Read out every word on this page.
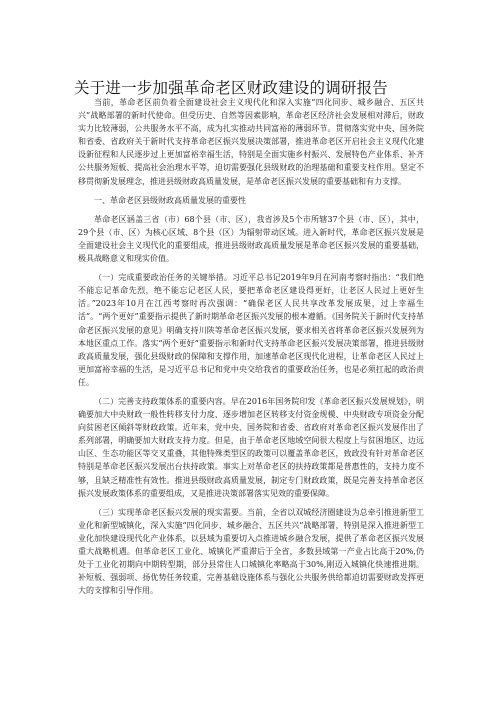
关于进一步加强革命老区财政建设的调研报告

当前，革命老区前负着全面建设社会主义现代化和深入实施“四化同步、城乡融合、五区共兴”战略部署的新时代使命。但受历史、自然等因素影响，革命老区经济社会发展相对滞后，财政实力比较薄弱，公共服务水平不高，成为扎实推动共同富裕的薄弱环节。贯彻落实党中央、国务院和省委、省政府关于新时代支持革命老区振兴发展决策部署，推进革命老区开启社会主义现代化建设新征程和人民逐步过上更加富裕幸福生活，特别是全面实施乡村振兴、发展特色产业体系、补齐公共服务短板、提高社会治理水平等，迫切需要强化县级财政的治理基础和重要支柱作用。坚定不移贯彻新发展理念，推进县级财政高质量发展，是革命老区振兴发展的重要基础和有力支撑。

一、革命老区县级财政高质量发展的重要性

革命老区涵盖三省（市）68个县（市、区），我省涉及5个市所辖37个县（市、区），其中，29个县（市、区）为核心区域、8个县（区）为辐射带动区域。进入新时代，革命老区振兴发展是全面建设社会主义现代化的重要组成，推进县级财政高质量发展是革命老区振兴发展的重要基础，极具战略意义和现实价值。

（一）完成重要政治任务的关键举措。习近平总书记2019年9月在河南考察时指出：“我们绝不能忘记革命先烈，绝不能忘记老区人民，要把革命老区建设得更好，让老区人民过上更好生活。”2023年10月在江西考察时再次强调：“确保老区人民共享改革发展成果，过上幸福生活”。“两个更好”重要指示提供了新时期革命老区振兴发展的根本遵循。《国务院关于新时代支持革命老区振兴发展的意见》明确支持川陕等革命老区振兴发展，要求相关省将革命老区振兴发展列为本地区重点工作。落实“两个更好”重要指示和新时代支持革命老区振兴发展决策部署，推进县级财政高质量发展，强化县级财政的保障和支撑作用，加速革命老区现代化进程，让革命老区人民过上更加富裕幸福的生活，是习近平总书记和党中央交给我省的重要政治任务，也是必须扛起的政治责任。

（二）完善支持政策体系的重要内容。早在2016年国务院印发《革命老区振兴发展规划》，明确要加大中央财政一般性转移支付力度、逐步增加老区转移支付资金规模、中央财政专项资金分配向贫困老区倾斜等财政政策。近年来，党中央、国务院和省委、省政府对革命老区振兴发展作出了系列部署，明确要加大财政支持力度。但是，由于革命老区地域空间很大程度上与贫困地区、边远山区、生态功能区等交叉重叠，其他特殊类型区的政策可以覆盖革命老区，致政没有针对革命老区特别是革命老区振兴发展出台扶持政策。事实上对革命老区的扶持政策都是普惠性的，支持力度不够，且缺乏精准性有效性。推进县级财政高质量发展，制定专门财政政策，既是完善支持革命老区振兴发展政策体系的重要组成，又是推进决策部署落实见效的重要保障。

（三）实现革命老区振兴发展的现实需要。当前，全省以双城经济圈建设为总牵引推进新型工业化和新型城镇化，深入实施“四化同步、城乡融合、五区共兴”战略部署，特别是深入推进新型工业化加快建设现代化产业体系，以县域为重要切入点推进城乡融合发展，提供了革命老区振兴发展重大战略机遇。但革命老区工业化、城镇化严重滞后于全省，多数县域第一产业占比高于20%,仍处于工业化初期向中期转型期，部分县常住人口城镇化率略高于30%,刚迈入城镇化快速推进期。补短板、强弱项、扬优势任务较重，完善基础设施体系与强化公共服务供给都迫切需要财政发挥更大的支撑和引导作用。
